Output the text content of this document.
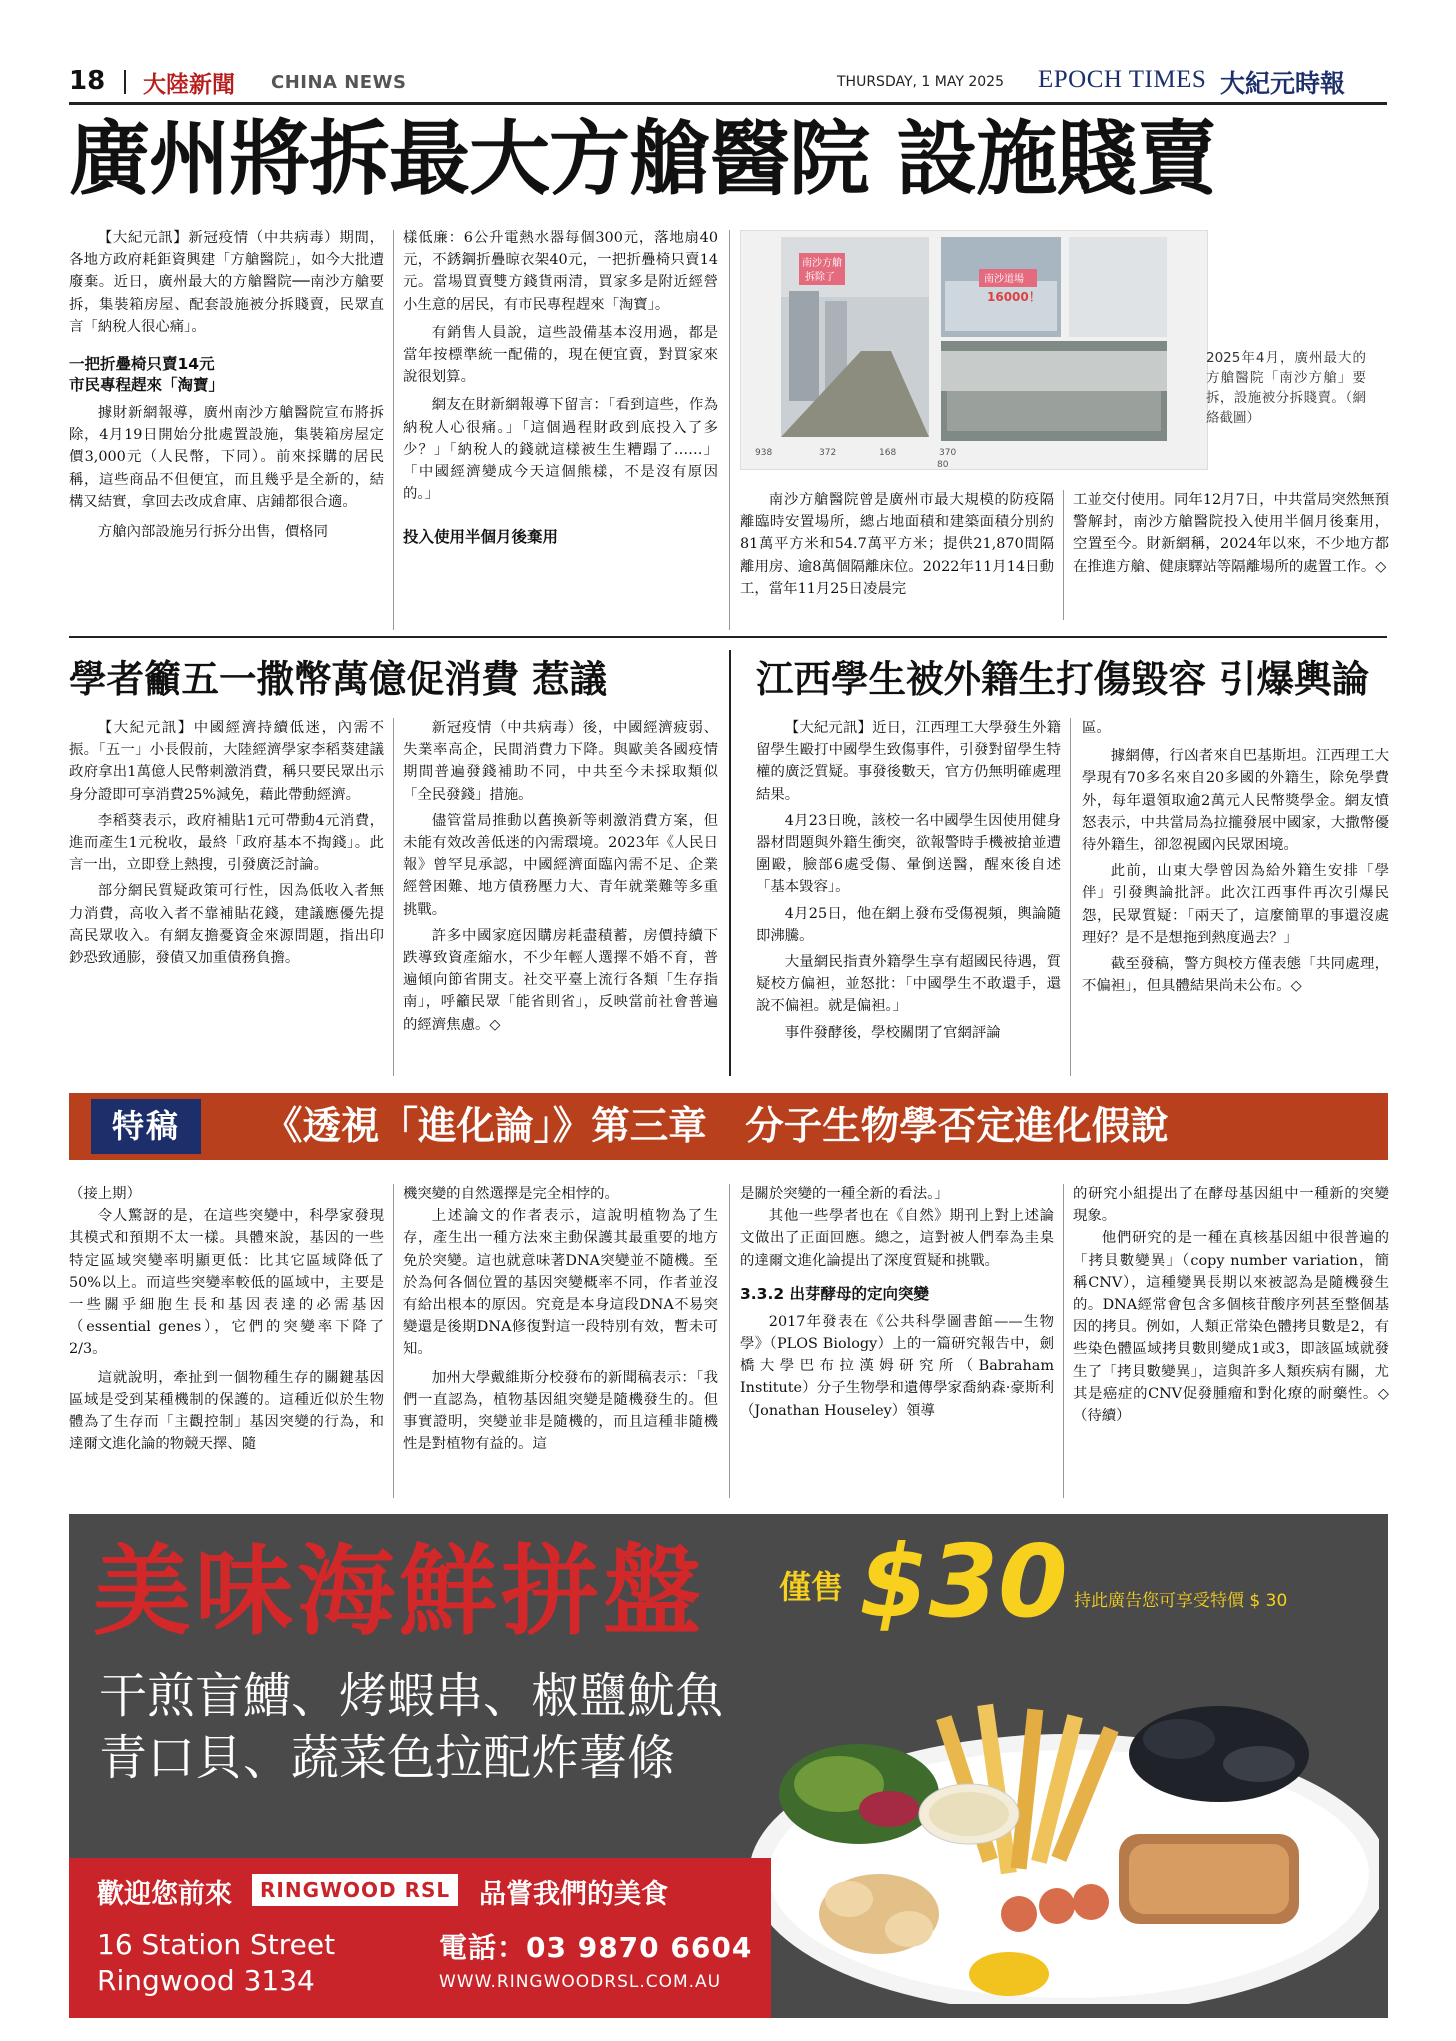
18 大陸新聞 CHINA NEWS	THURSDAY, 1 MAY 2025 EPOCH TIMES 大紀元時報
廣州將拆最大方艙醫院 設施賤賣

【大紀元訊】新冠疫情（中共病毒）期間，各地方政府耗鉅資興建「方艙醫院」，如今大批遭廢棄。近日，廣州最大的方艙醫院──南沙方艙要拆，集裝箱房屋、配套設施被分拆賤賣，民眾直言「納稅人很心痛」。

一把折疊椅只賣14元
市民專程趕來「淘寶」

據財新網報導，廣州南沙方艙醫院宣布將拆除，4月19日開始分批處置設施，集裝箱房屋定價3,000元（人民幣，下同）。前來採購的居民稱，這些商品不但便宜，而且幾乎是全新的，結構又結實，拿回去改成倉庫、店鋪都很合適。

方艙內部設施另行拆分出售，價格同

樣低廉：6公升電熱水器每個300元，落地扇40元，不銹鋼折疊晾衣架40元，一把折疊椅只賣14元。當場買賣雙方錢貨兩清，買家多是附近經營小生意的居民，有市民專程趕來「淘寶」。

有銷售人員說，這些設備基本沒用過，都是當年按標準統一配備的，現在便宜賣，對買家來說很划算。

網友在財新網報導下留言：「看到這些，作為納稅人心很痛。」「這個過程財政到底投入了多少？」「納稅人的錢就這樣被生生糟蹋了……」「中國經濟變成今天這個熊樣，不是沒有原因的。」

投入使用半個月後棄用
南沙方艙
拆除了	南沙道場
16000！
938	372	168	370
80
2025年4月，廣州最大的方艙醫院「南沙方艙」要拆，設施被分拆賤賣。（網絡截圖）

南沙方艙醫院曾是廣州市最大規模的防疫隔離臨時安置場所，總占地面積和建築面積分別約81萬平方米和54.7萬平方米；提供21,870間隔離用房、逾8萬個隔離床位。2022年11月14日動工，當年11月25日凌晨完

工並交付使用。同年12月7日，中共當局突然無預警解封，南沙方艙醫院投入使用半個月後棄用，空置至今。財新網稱，2024年以來，不少地方都在推進方艙、健康驛站等隔離場所的處置工作。◇

學者籲五一撒幣萬億促消費 惹議

【大紀元訊】中國經濟持續低迷，內需不振。「五一」小長假前，大陸經濟學家李稻葵建議政府拿出1萬億人民幣刺激消費，稱只要民眾出示身分證即可享消費25%減免，藉此帶動經濟。

李稻葵表示，政府補貼1元可帶動4元消費，進而產生1元稅收，最終「政府基本不掏錢」。此言一出，立即登上熱搜，引發廣泛討論。

部分網民質疑政策可行性，因為低收入者無力消費，高收入者不靠補貼花錢，建議應優先提高民眾收入。有網友擔憂資金來源問題，指出印鈔恐致通膨，發債又加重債務負擔。

新冠疫情（中共病毒）後，中國經濟疲弱、失業率高企，民間消費力下降。與歐美各國疫情期間普遍發錢補助不同，中共至今未採取類似「全民發錢」措施。

儘管當局推動以舊換新等刺激消費方案，但未能有效改善低迷的內需環境。2023年《人民日報》曾罕見承認，中國經濟面臨內需不足、企業經營困難、地方債務壓力大、青年就業難等多重挑戰。

許多中國家庭因購房耗盡積蓄，房價持續下跌導致資產縮水，不少年輕人選擇不婚不育，普遍傾向節省開支。社交平臺上流行各類「生存指南」，呼籲民眾「能省則省」，反映當前社會普遍的經濟焦慮。◇

江西學生被外籍生打傷毀容 引爆輿論

【大紀元訊】近日，江西理工大學發生外籍留學生毆打中國學生致傷事件，引發對留學生特權的廣泛質疑。事發後數天，官方仍無明確處理結果。

4月23日晚，該校一名中國學生因使用健身器材問題與外籍生衝突，欲報警時手機被搶並遭圍毆，臉部6處受傷、暈倒送醫，醒來後自述「基本毀容」。

4月25日，他在網上發布受傷視頻，輿論隨即沸騰。

大量網民指責外籍學生享有超國民待遇，質疑校方偏袒，並怒批：「中國學生不敢還手，還說不偏袒。就是偏袒。」

事件發酵後，學校關閉了官網評論

區。

據網傳，行凶者來自巴基斯坦。江西理工大學現有70多名來自20多國的外籍生，除免學費外，每年還領取逾2萬元人民幣獎學金。網友憤怒表示，中共當局為拉攏發展中國家，大撒幣優待外籍生，卻忽視國內民眾困境。

此前，山東大學曾因為給外籍生安排「學伴」引發輿論批評。此次江西事件再次引爆民怨，民眾質疑：「兩天了，這麼簡單的事還沒處理好？是不是想拖到熱度過去？」

截至發稿，警方與校方僅表態「共同處理，不偏袒」，但具體結果尚未公布。◇

特稿	《透視「進化論」》第三章　分子生物學否定進化假說

（接上期）

令人驚訝的是，在這些突變中，科學家發現其模式和預期不太一樣。具體來說，基因的一些特定區域突變率明顯更低：比其它區域降低了50%以上。而這些突變率較低的區域中，主要是一些關乎細胞生長和基因表達的必需基因（essential genes），它們的突變率下降了2/3。

這就說明，牽扯到一個物種生存的關鍵基因區域是受到某種機制的保護的。這種近似於生物體為了生存而「主觀控制」基因突變的行為，和達爾文進化論的物競天擇、隨

機突變的自然選擇是完全相悖的。

上述論文的作者表示，這說明植物為了生存，產生出一種方法來主動保護其最重要的地方免於突變。這也就意味著DNA突變並不隨機。至於為何各個位置的基因突變概率不同，作者並沒有給出根本的原因。究竟是本身這段DNA不易突變還是後期DNA修復對這一段特別有效，暫未可知。

加州大學戴維斯分校發布的新聞稿表示：「我們一直認為，植物基因組突變是隨機發生的。但事實證明，突變並非是隨機的，而且這種非隨機性是對植物有益的。這

是關於突變的一種全新的看法。」

其他一些學者也在《自然》期刊上對上述論文做出了正面回應。總之，這對被人們奉為圭臬的達爾文進化論提出了深度質疑和挑戰。

3.3.2 出芽酵母的定向突變

2017年發表在《公共科學圖書館——生物學》（PLOS Biology）上的一篇研究報告中，劍橋大學巴布拉漢姆研究所（Babraham Institute）分子生物學和遺傳學家喬納森·豪斯利（Jonathan Houseley）領導

的研究小組提出了在酵母基因組中一種新的突變現象。

他們研究的是一種在真核基因組中很普遍的「拷貝數變異」（copy number variation，簡稱CNV），這種變異長期以來被認為是隨機發生的。DNA經常會包含多個核苷酸序列甚至整個基因的拷貝。例如，人類正常染色體拷貝數是2，有些染色體區域拷貝數則變成1或3，即該區域就發生了「拷貝數變異」，這與許多人類疾病有關，尤其是癌症的CNV促發腫瘤和對化療的耐藥性。◇（待續）

美味海鮮拼盤 僅售 $30 持此廣告您可享受特價 $ 30
干煎盲鰽、烤蝦串、椒鹽魷魚
青口貝、蔬菜色拉配炸薯條
歡迎您前來	RINGWOOD RSL 品嘗我們的美食
16 Station Street
Ringwood 3134
電話：03 9870 6604
WWW.RINGWOODRSL.COM.AU
